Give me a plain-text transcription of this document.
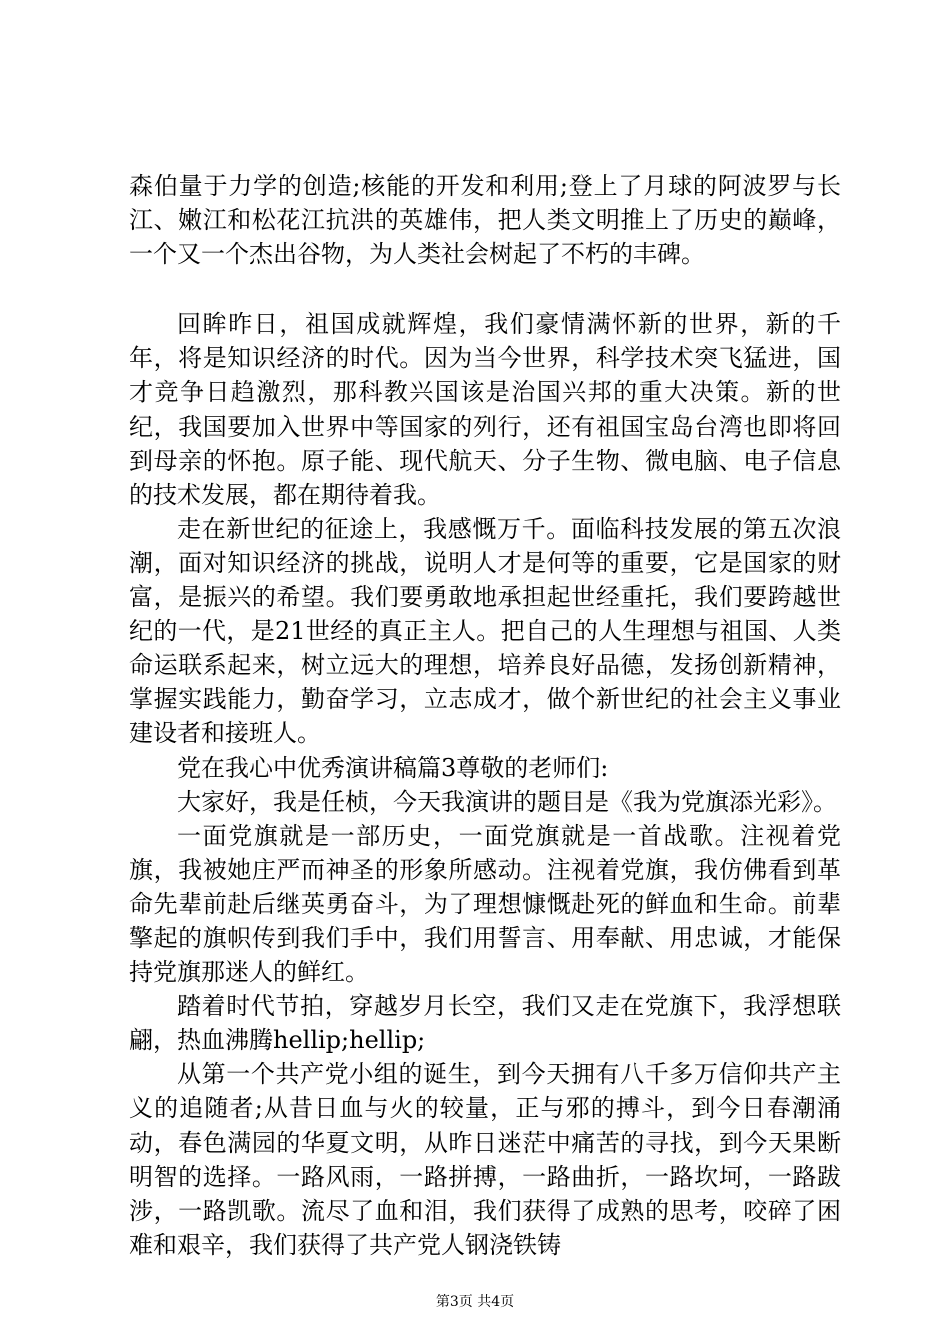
森伯量于力学的创造;核能的开发和利用;登上了月球的阿波罗与长江、嫩江和松花江抗洪的英雄伟，把人类文明推上了历史的巅峰，一个又一个杰出谷物，为人类社会树起了不朽的丰碑。

回眸昨日，祖国成就辉煌，我们豪情满怀新的世界，新的千年，将是知识经济的时代。因为当今世界，科学技术突飞猛进，国才竞争日趋激烈，那科教兴国该是治国兴邦的重大决策。新的世纪，我国要加入世界中等国家的列行，还有祖国宝岛台湾也即将回到母亲的怀抱。原子能、现代航天、分子生物、微电脑、电子信息的技术发展，都在期待着我。

走在新世纪的征途上，我感慨万千。面临科技发展的第五次浪潮，面对知识经济的挑战，说明人才是何等的重要，它是国家的财富，是振兴的希望。我们要勇敢地承担起世经重托，我们要跨越世纪的一代，是21世经的真正主人。把自己的人生理想与祖国、人类命运联系起来，树立远大的理想，培养良好品德，发扬创新精神，掌握实践能力，勤奋学习，立志成才，做个新世纪的社会主义事业建设者和接班人。

党在我心中优秀演讲稿篇3尊敬的老师们:

大家好，我是任桢，今天我演讲的题目是《我为党旗添光彩》。

一面党旗就是一部历史，一面党旗就是一首战歌。注视着党旗，我被她庄严而神圣的形象所感动。注视着党旗，我仿佛看到革命先辈前赴后继英勇奋斗，为了理想慷慨赴死的鲜血和生命。前辈擎起的旗帜传到我们手中，我们用誓言、用奉献、用忠诚，才能保持党旗那迷人的鲜红。

踏着时代节拍，穿越岁月长空，我们又走在党旗下，我浮想联翩，热血沸腾hellip;hellip;

从第一个共产党小组的诞生，到今天拥有八千多万信仰共产主义的追随者;从昔日血与火的较量，正与邪的搏斗，到今日春潮涌动，春色满园的华夏文明，从昨日迷茫中痛苦的寻找，到今天果断明智的选择。一路风雨，一路拼搏，一路曲折，一路坎坷，一路跋涉，一路凯歌。流尽了血和泪，我们获得了成熟的思考，咬碎了困难和艰辛，我们获得了共产党人钢浇铁铸

第3页 共4页
